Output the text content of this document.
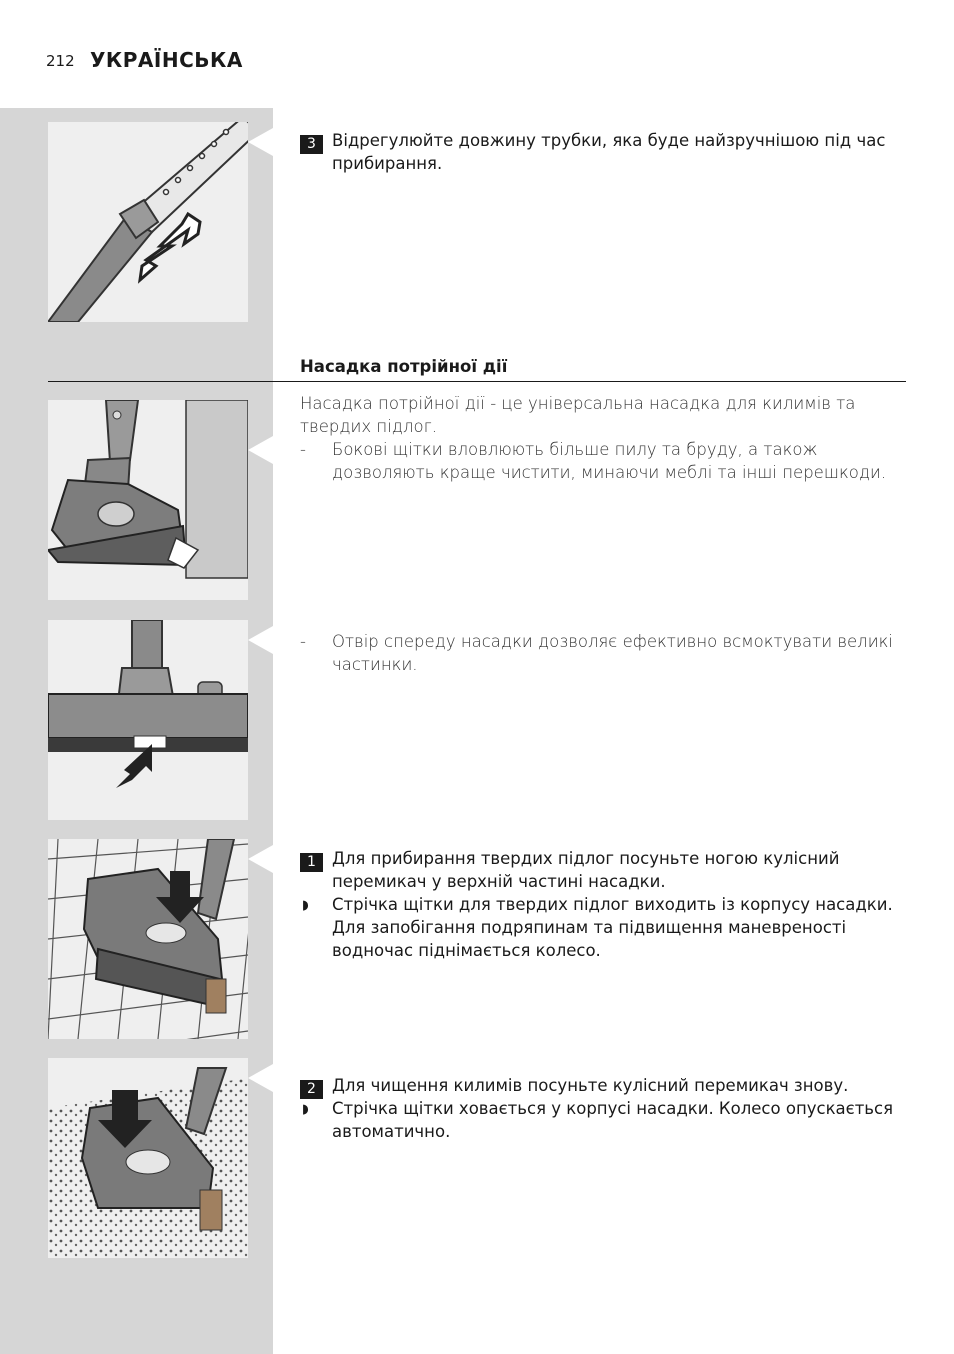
212 УКРАЇНСЬКА
3 Відрегулюйте довжину трубки, яка буде найзручнішою під час прибирання.
Насадка потрійної дії
Насадка потрійної дії - це універсальна насадка для килимів та твердих підлог.
- Бокові щітки вловлюють більше пилу та бруду, а також дозволяють краще чистити, минаючи меблі та інші перешкоди.
- Отвір спереду насадки дозволяє ефективно всмоктувати великі частинки.
1 Для прибирання твердих підлог посуньте ногою кулісний перемикач у верхній частині насадки.
◗ Стрічка щітки для твердих підлог виходить із корпусу насадки. Для запобігання подряпинам та підвищення маневреності водночас піднімається колесо.
2 Для чищення килимів посуньте кулісний перемикач знову.
◗ Стрічка щітки ховається у корпусі насадки. Колесо опускається автоматично.
